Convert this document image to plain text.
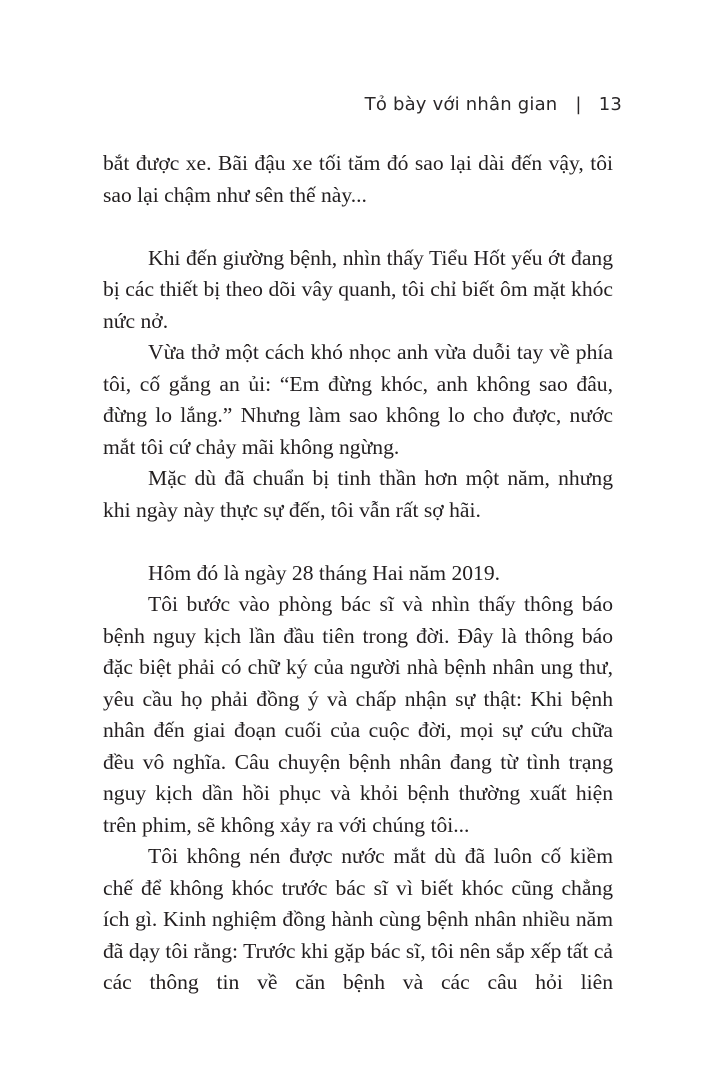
Tỏ bày với nhân gian | 13

bắt được xe. Bãi đậu xe tối tăm đó sao lại dài đến vậy, tôi sao lại chậm như sên thế này...

Khi đến giường bệnh, nhìn thấy Tiểu Hốt yếu ớt đang bị các thiết bị theo dõi vây quanh, tôi chỉ biết ôm mặt khóc nức nở.

Vừa thở một cách khó nhọc anh vừa duỗi tay về phía tôi, cố gắng an ủi: “Em đừng khóc, anh không sao đâu, đừng lo lắng.” Nhưng làm sao không lo cho được, nước mắt tôi cứ chảy mãi không ngừng.

Mặc dù đã chuẩn bị tinh thần hơn một năm, nhưng khi ngày này thực sự đến, tôi vẫn rất sợ hãi.

Hôm đó là ngày 28 tháng Hai năm 2019.

Tôi bước vào phòng bác sĩ và nhìn thấy thông báo bệnh nguy kịch lần đầu tiên trong đời. Đây là thông báo đặc biệt phải có chữ ký của người nhà bệnh nhân ung thư, yêu cầu họ phải đồng ý và chấp nhận sự thật: Khi bệnh nhân đến giai đoạn cuối của cuộc đời, mọi sự cứu chữa đều vô nghĩa. Câu chuyện bệnh nhân đang từ tình trạng nguy kịch dần hồi phục và khỏi bệnh thường xuất hiện trên phim, sẽ không xảy ra với chúng tôi...

Tôi không nén được nước mắt dù đã luôn cố kiềm chế để không khóc trước bác sĩ vì biết khóc cũng chẳng ích gì. Kinh nghiệm đồng hành cùng bệnh nhân nhiều năm đã dạy tôi rằng: Trước khi gặp bác sĩ, tôi nên sắp xếp tất cả các thông tin về căn bệnh và các câu hỏi liên
